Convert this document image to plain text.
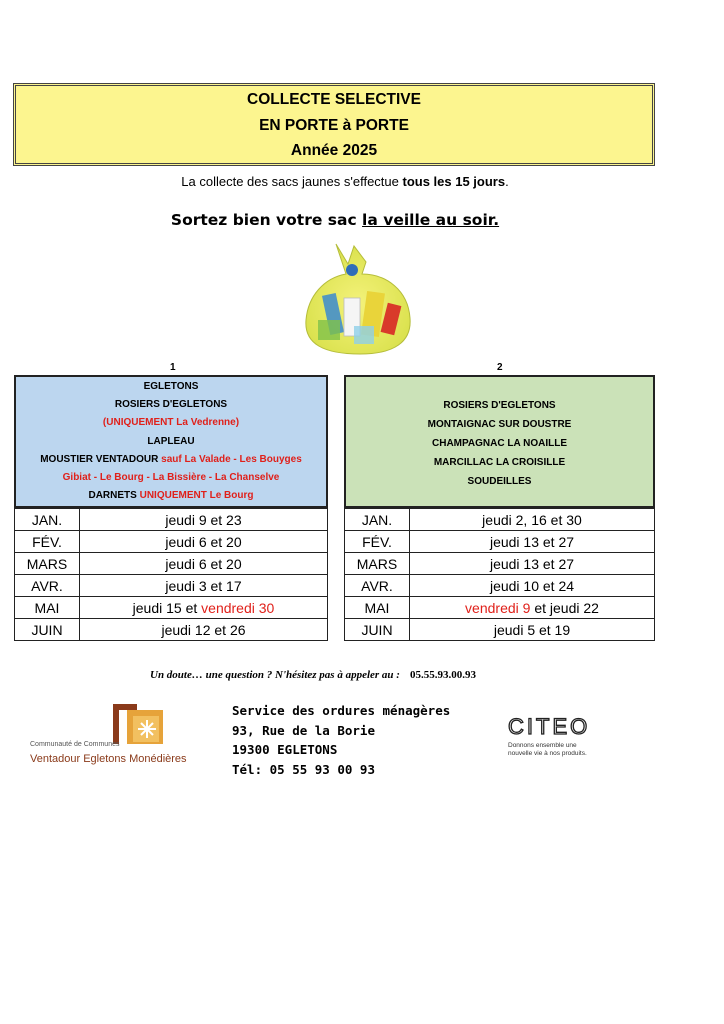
COLLECTE SELECTIVE
EN PORTE à PORTE
Année 2025
La collecte des sacs jaunes s'effectue tous les 15 jours.
Sortez bien votre sac la veille au soir.
1	2
EGLETONS
ROSIERS D'EGLETONS
(UNIQUEMENT La Vedrenne)
LAPLEAU
MOUSTIER VENTADOUR sauf La Valade - Les Bouyges
Gibiat - Le Bourg - La Bissière - La Chanselve
DARNETS UNIQUEMENT Le Bourg
ROSIERS D'EGLETONS
MONTAIGNAC SUR DOUSTRE
CHAMPAGNAC LA NOAILLE
MARCILLAC LA CROISILLE
SOUDEILLES
JAN.	jeudi 9 et 23
FÉV.	jeudi 6 et 20
MARS	jeudi 6 et 20
AVR.	jeudi 3 et 17
MAI	jeudi 15 et vendredi 30
JUIN	jeudi 12 et 26
JAN.	jeudi 2, 16 et 30
FÉV.	jeudi 13 et 27
MARS	jeudi 13 et 27
AVR.	jeudi 10 et 24
MAI	vendredi 9 et jeudi 22
JUIN	jeudi 5 et 19
Un doute… une question ? N'hésitez pas à appeler au : 05.55.93.00.93
Communauté de Communes
Ventadour Egletons Monédières
Service des ordures ménagères
93, Rue de la Borie
19300 EGLETONS
Tél: 05 55 93 00 93
CITEO
Donnons ensemble une
nouvelle vie à nos produits.
